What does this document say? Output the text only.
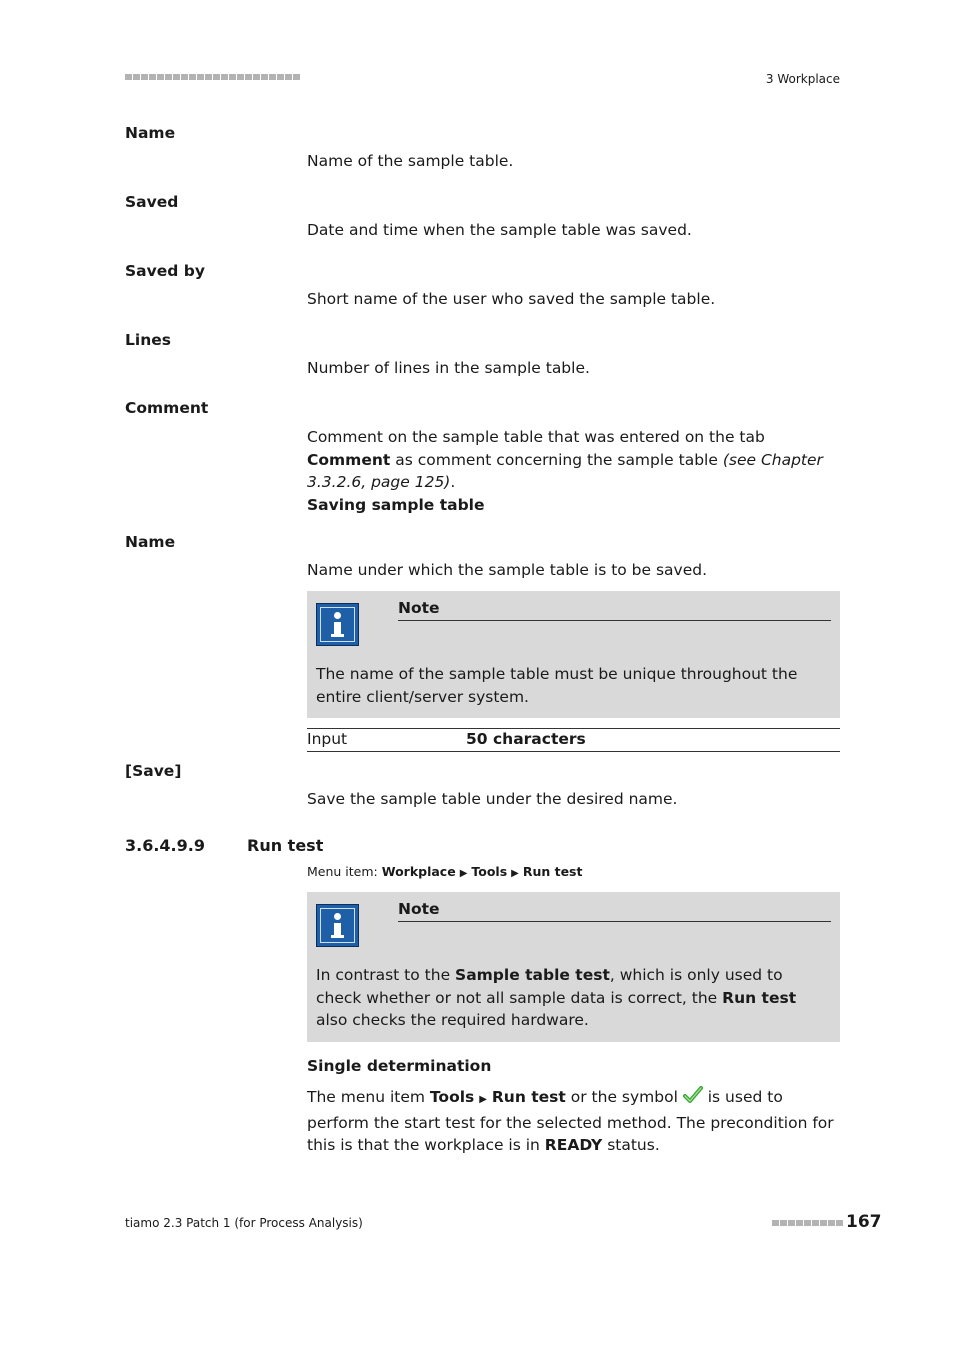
3 Workplace
Name
Name of the sample table.
Saved
Date and time when the sample table was saved.
Saved by
Short name of the user who saved the sample table.
Lines
Number of lines in the sample table.
Comment
Comment on the sample table that was entered on the tab Comment as comment concerning the sample table (see Chapter 3.3.2.6, page 125).
Saving sample table
Name
Name under which the sample table is to be saved.
Note
The name of the sample table must be unique throughout the entire client/server system.
Input	50 characters
[Save]
Save the sample table under the desired name.
3.6.4.9.9	Run test
Menu item: Workplace ▶ Tools ▶ Run test
Note
In contrast to the Sample table test, which is only used to check whether or not all sample data is correct, the Run test also checks the required hardware.
Single determination
The menu item Tools ▶ Run test or the symbol  is used to perform the start test for the selected method. The precondition for this is that the workplace is in READY status.
tiamo 2.3 Patch 1 (for Process Analysis)	167
